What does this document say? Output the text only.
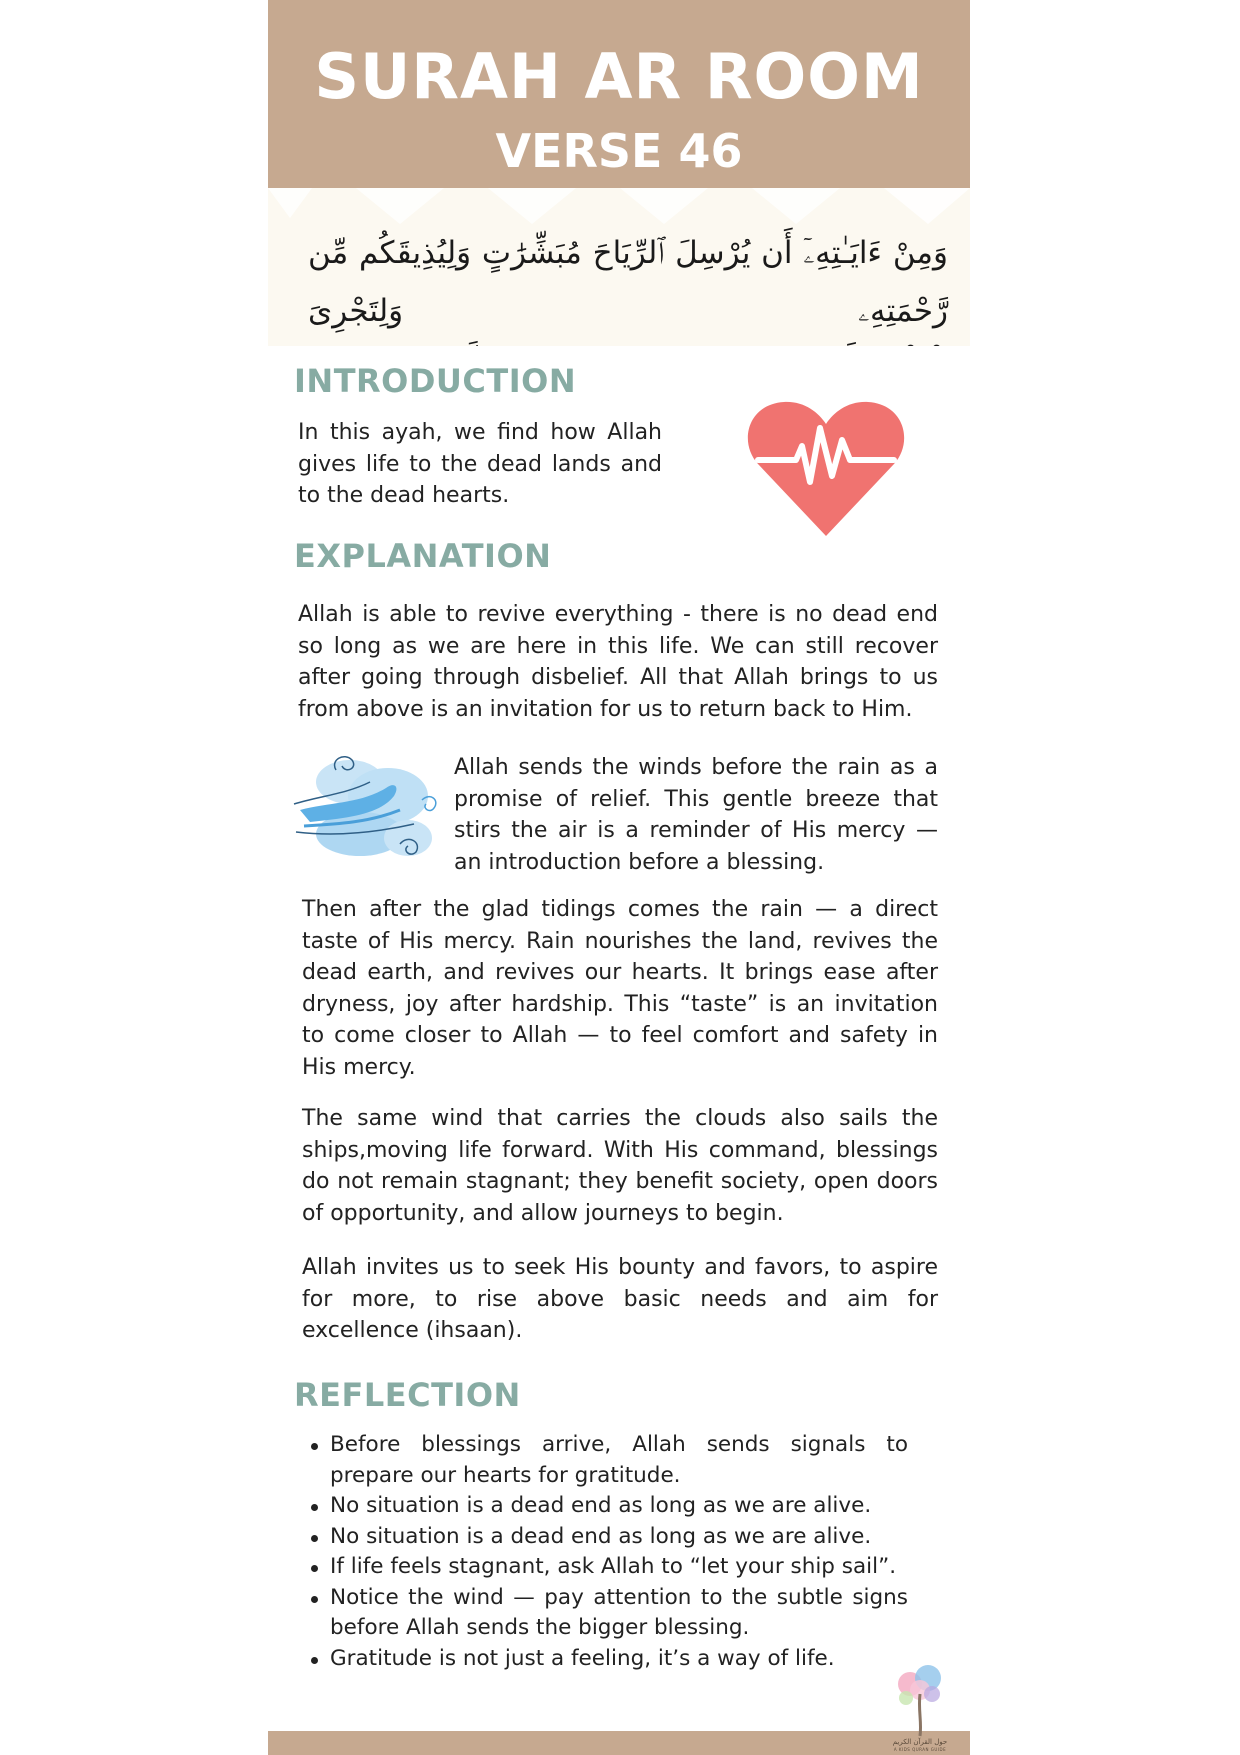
SURAH AR ROOM
VERSE 46
وَمِنْ ءَايَـٰتِهِۦٓ أَن يُرْسِلَ ٱلرِّيَاحَ مُبَشِّرَٰتٍ وَلِيُذِيقَكُم مِّن رَّحْمَتِهِۦ وَلِتَجْرِىَ
INTRODUCTION

In this ayah, we find how Allah gives life to the dead lands and to the dead hearts.

EXPLANATION

Allah is able to revive everything - there is no dead end so long as we are here in this life. We can still recover after going through disbelief. All that Allah brings to us from above is an invitation for us to return back to Him.

Allah sends the winds before the rain as a promise of relief. This gentle breeze that stirs the air is a reminder of His mercy — an introduction before a blessing.

Then after the glad tidings comes the rain — a direct taste of His mercy. Rain nourishes the land, revives the dead earth, and revives our hearts. It brings ease after dryness, joy after hardship. This “taste” is an invitation to come closer to Allah — to feel comfort and safety in His mercy.

The same wind that carries the clouds also sails the ships,moving life forward. With His command, blessings do not remain stagnant; they benefit society, open doors of opportunity, and allow journeys to begin.

Allah invites us to seek His bounty and favors, to aspire for more, to rise above basic needs and aim for excellence (ihsaan).

REFLECTION
Before blessings arrive, Allah sends signals to prepare our hearts for gratitude.
No situation is a dead end as long as we are alive.
No situation is a dead end as long as we are alive.
If life feels stagnant, ask Allah to “let your ship sail”.
Notice the wind — pay attention to the subtle signs before Allah sends the bigger blessing.
Gratitude is not just a feeling, it’s a way of life.
حول القرآن الكريم
A KIDS QURAN GUIDE
